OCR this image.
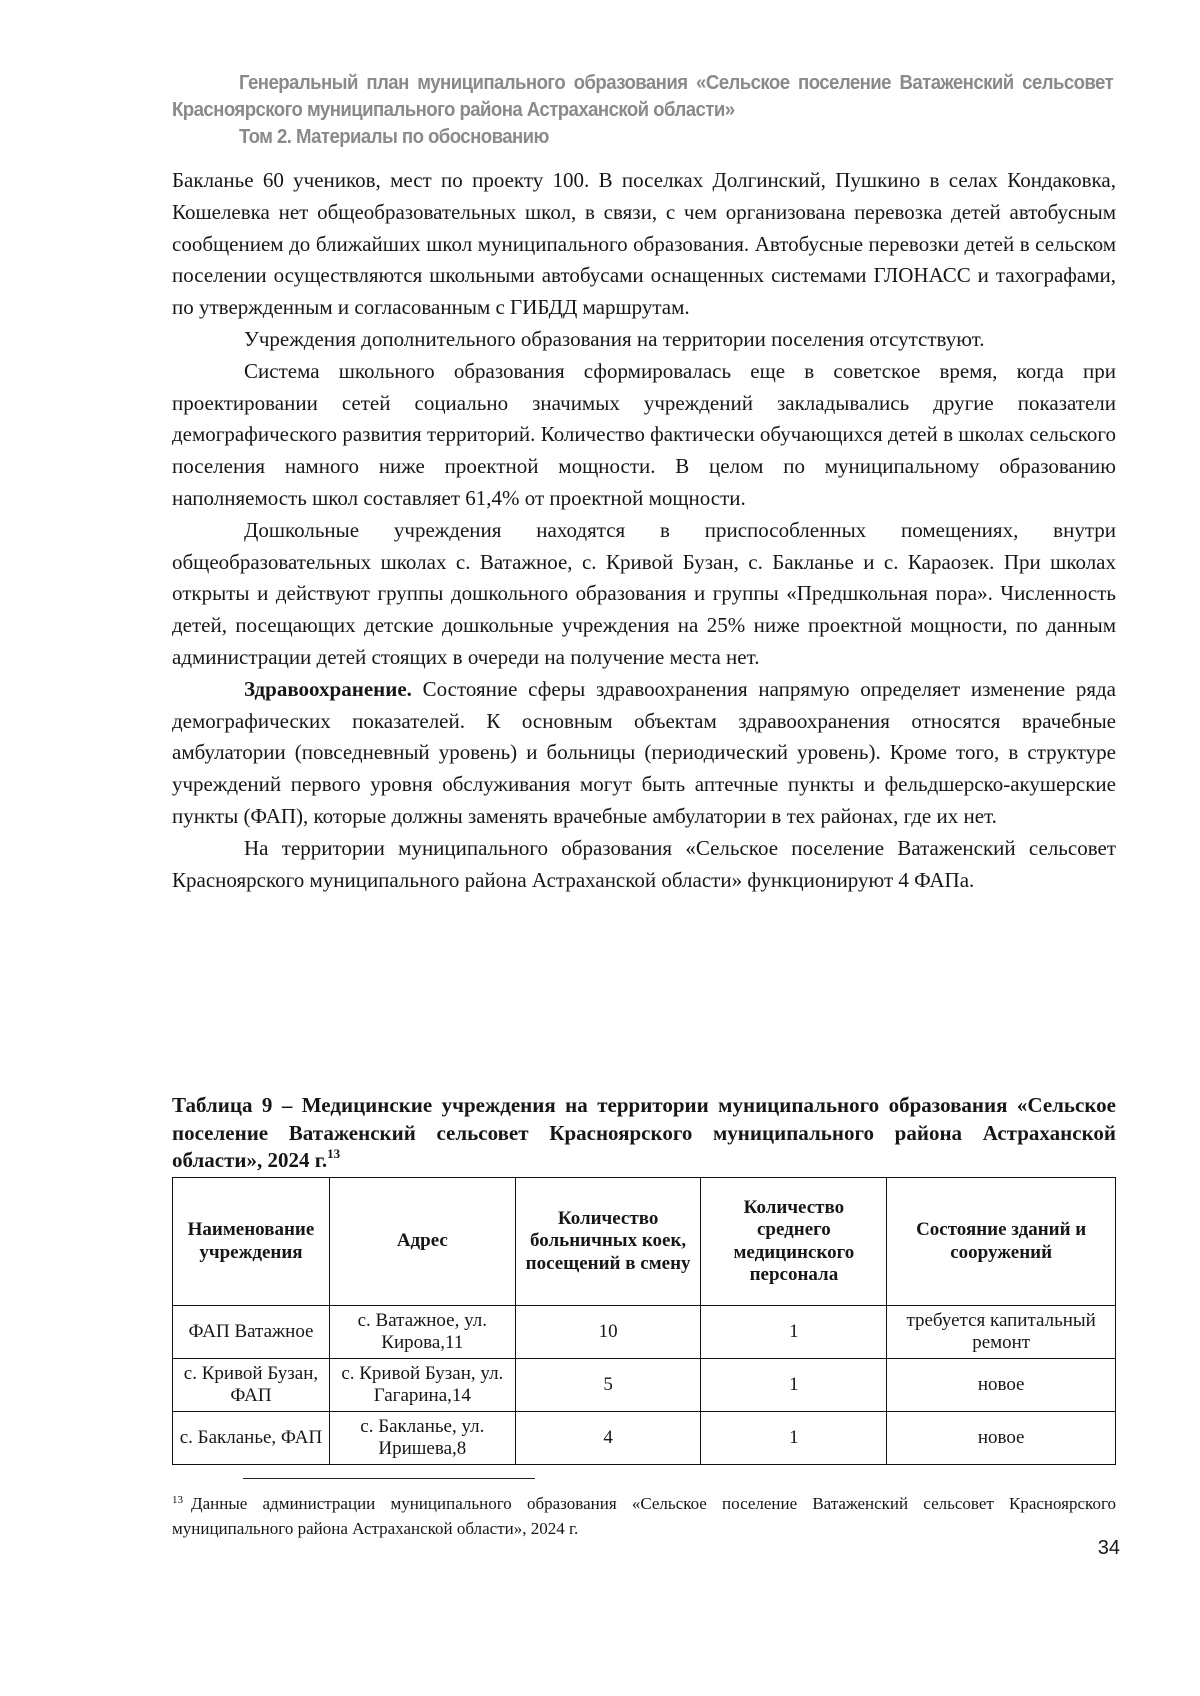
Генеральный план муниципального образования «Сельское поселение Ватаженский сельсовет Красноярского муниципального района Астраханской области»

Том 2. Материалы по обоснованию

Бакланье 60 учеников, мест по проекту 100. В поселках Долгинский, Пушкино в селах Кондаковка, Кошелевка нет общеобразовательных школ, в связи, с чем организована перевозка детей автобусным сообщением до ближайших школ муниципального образования. Автобусные перевозки детей в сельском поселении осуществляются школьными автобусами оснащенных системами ГЛОНАСС и тахографами, по утвержденным и согласованным с ГИБДД маршрутам.

Учреждения дополнительного образования на территории поселения отсутствуют.

Система школьного образования сформировалась еще в советское время, когда при проектировании сетей социально значимых учреждений закладывались другие показатели демографического развития территорий. Количество фактически обучающихся детей в школах сельского поселения намного ниже проектной мощности. В целом по муниципальному образованию наполняемость школ составляет 61,4% от проектной мощности.

Дошкольные учреждения находятся в приспособленных помещениях, внутри общеобразовательных школах с. Ватажное, с. Кривой Бузан, с. Бакланье и с. Караозек. При школах открыты и действуют группы дошкольного образования и группы «Предшкольная пора». Численность детей, посещающих детские дошкольные учреждения на 25% ниже проектной мощности, по данным администрации детей стоящих в очереди на получение места нет.

Здравоохранение. Состояние сферы здравоохранения напрямую определяет изменение ряда демографических показателей. К основным объектам здравоохранения относятся врачебные амбулатории (повседневный уровень) и больницы (периодический уровень). Кроме того, в структуре учреждений первого уровня обслуживания могут быть аптечные пункты и фельдшерско-акушерские пункты (ФАП), которые должны заменять врачебные амбулатории в тех районах, где их нет.

На территории муниципального образования «Сельское поселение Ватаженский сельсовет Красноярского муниципального района Астраханской области» функционируют 4 ФАПа.

Таблица 9 – Медицинские учреждения на территории муниципального образования «Сельское поселение Ватаженский сельсовет Красноярского муниципального района Астраханской области», 2024 г.$^{13}$
Наименование учреждения	Адрес	Количество больничных коек, посещений в смену	Количество среднего медицинского персонала	Состояние зданий и сооружений
ФАП Ватажное	с. Ватажное, ул. Кирова,11	10	1	требуется капитальный ремонт
с. Кривой Бузан, ФАП	с. Кривой Бузан, ул. Гагарина,14	5	1	новое
с. Бакланье, ФАП	с. Бакланье, ул. Иришева,8	4	1	новое
$^{13}$ Данные администрации муниципального образования «Сельское поселение Ватаженский сельсовет Красноярского муниципального района Астраханской области», 2024 г.
34
